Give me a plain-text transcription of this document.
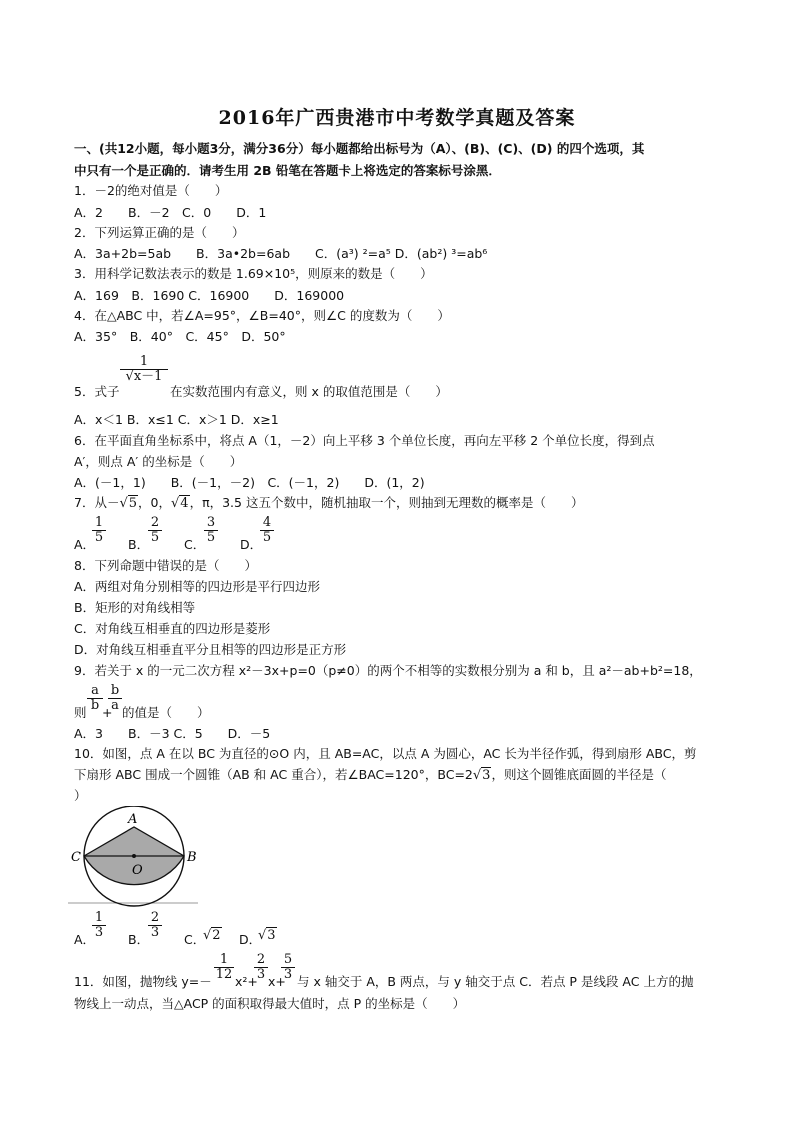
2016年广西贵港市中考数学真题及答案
一、(共12小题，每小题3分，满分36分）每小题都给出标号为（A）、(B)、(C)、(D) 的四个选项，其
中只有一个是正确的．请考生用 2B 铅笔在答题卡上将选定的答案标号涂黑．
1．－2的绝对值是（　　）
A．2　　B．－2　C．0　　D．1
2．下列运算正确的是（　　）
A．3a+2b=5ab　　B．3a•2b=6ab　　C．(a³) ²=a⁵ D．(ab²) ³=ab⁶
3．用科学记数法表示的数是 1.69×10⁵，则原来的数是（　　）
A．169　B．1690 C．16900　　D．169000
4．在△ABC 中，若∠A=95°，∠B=40°，则∠C 的度数为（　　）
A．35°　B．40°　C．45°　D．50°
5．式子
$\frac{1}{√x-1}$
在实数范围内有意义，则 x 的取值范围是（　　）
A．x＜1 B．x≤1 C．x＞1 D．x≥1
6．在平面直角坐标系中，将点 A（1，－2）向上平移 3 个单位长度，再向左平移 2 个单位长度，得到点
A′，则点 A′ 的坐标是（　　）
A．(－1，1)　　B．(－1，－2)　C．(－1，2)　　D．(1，2)
7．从－√5，0，√4，π，3.5 这五个数中，随机抽取一个，则抽到无理数的概率是（　　）
A．
$\frac{1}{5}$ B．
$\frac{2}{5}$ C．
$\frac{3}{5}$ D．
$\frac{4}{5}$
8．下列命题中错误的是（　　）
A．两组对角分别相等的四边形是平行四边形
B．矩形的对角线相等
C．对角线互相垂直的四边形是菱形
D．对角线互相垂直平分且相等的四边形是正方形
9．若关于 x 的一元二次方程 x²－3x+p=0（p≠0）的两个不相等的实数根分别为 a 和 b，且 a²－ab+b²=18，
则 $\frac{a}{b}$ +
$\frac{b}{a}$ 的值是（　　）
A．3　　B．－3 C．5　　D．－5
10．如图，点 A 在以 BC 为直径的⊙O 内，且 AB=AC，以点 A 为圆心，AC 长为半径作弧，得到扇形 ABC，剪
下扇形 ABC 围成一个圆锥（AB 和 AC 重合），若∠BAC=120°，BC=2√3，则这个圆锥底面圆的半径是（
）
A
C	B
O
A．
$\frac{1}{3}$ B．
$\frac{2}{3}$ C．
√2 D．
√3
11．如图，抛物线 $y=- \frac{1}{12} x^2+$
$\frac{2}{3} x+$
$\frac{5}{3}$ 与 x 轴交于 A，B 两点，与 y 轴交于点 C．若点 P 是线段 AC 上方的抛
物线上一动点，当△ACP 的面积取得最大值时，点 P 的坐标是（　　）
